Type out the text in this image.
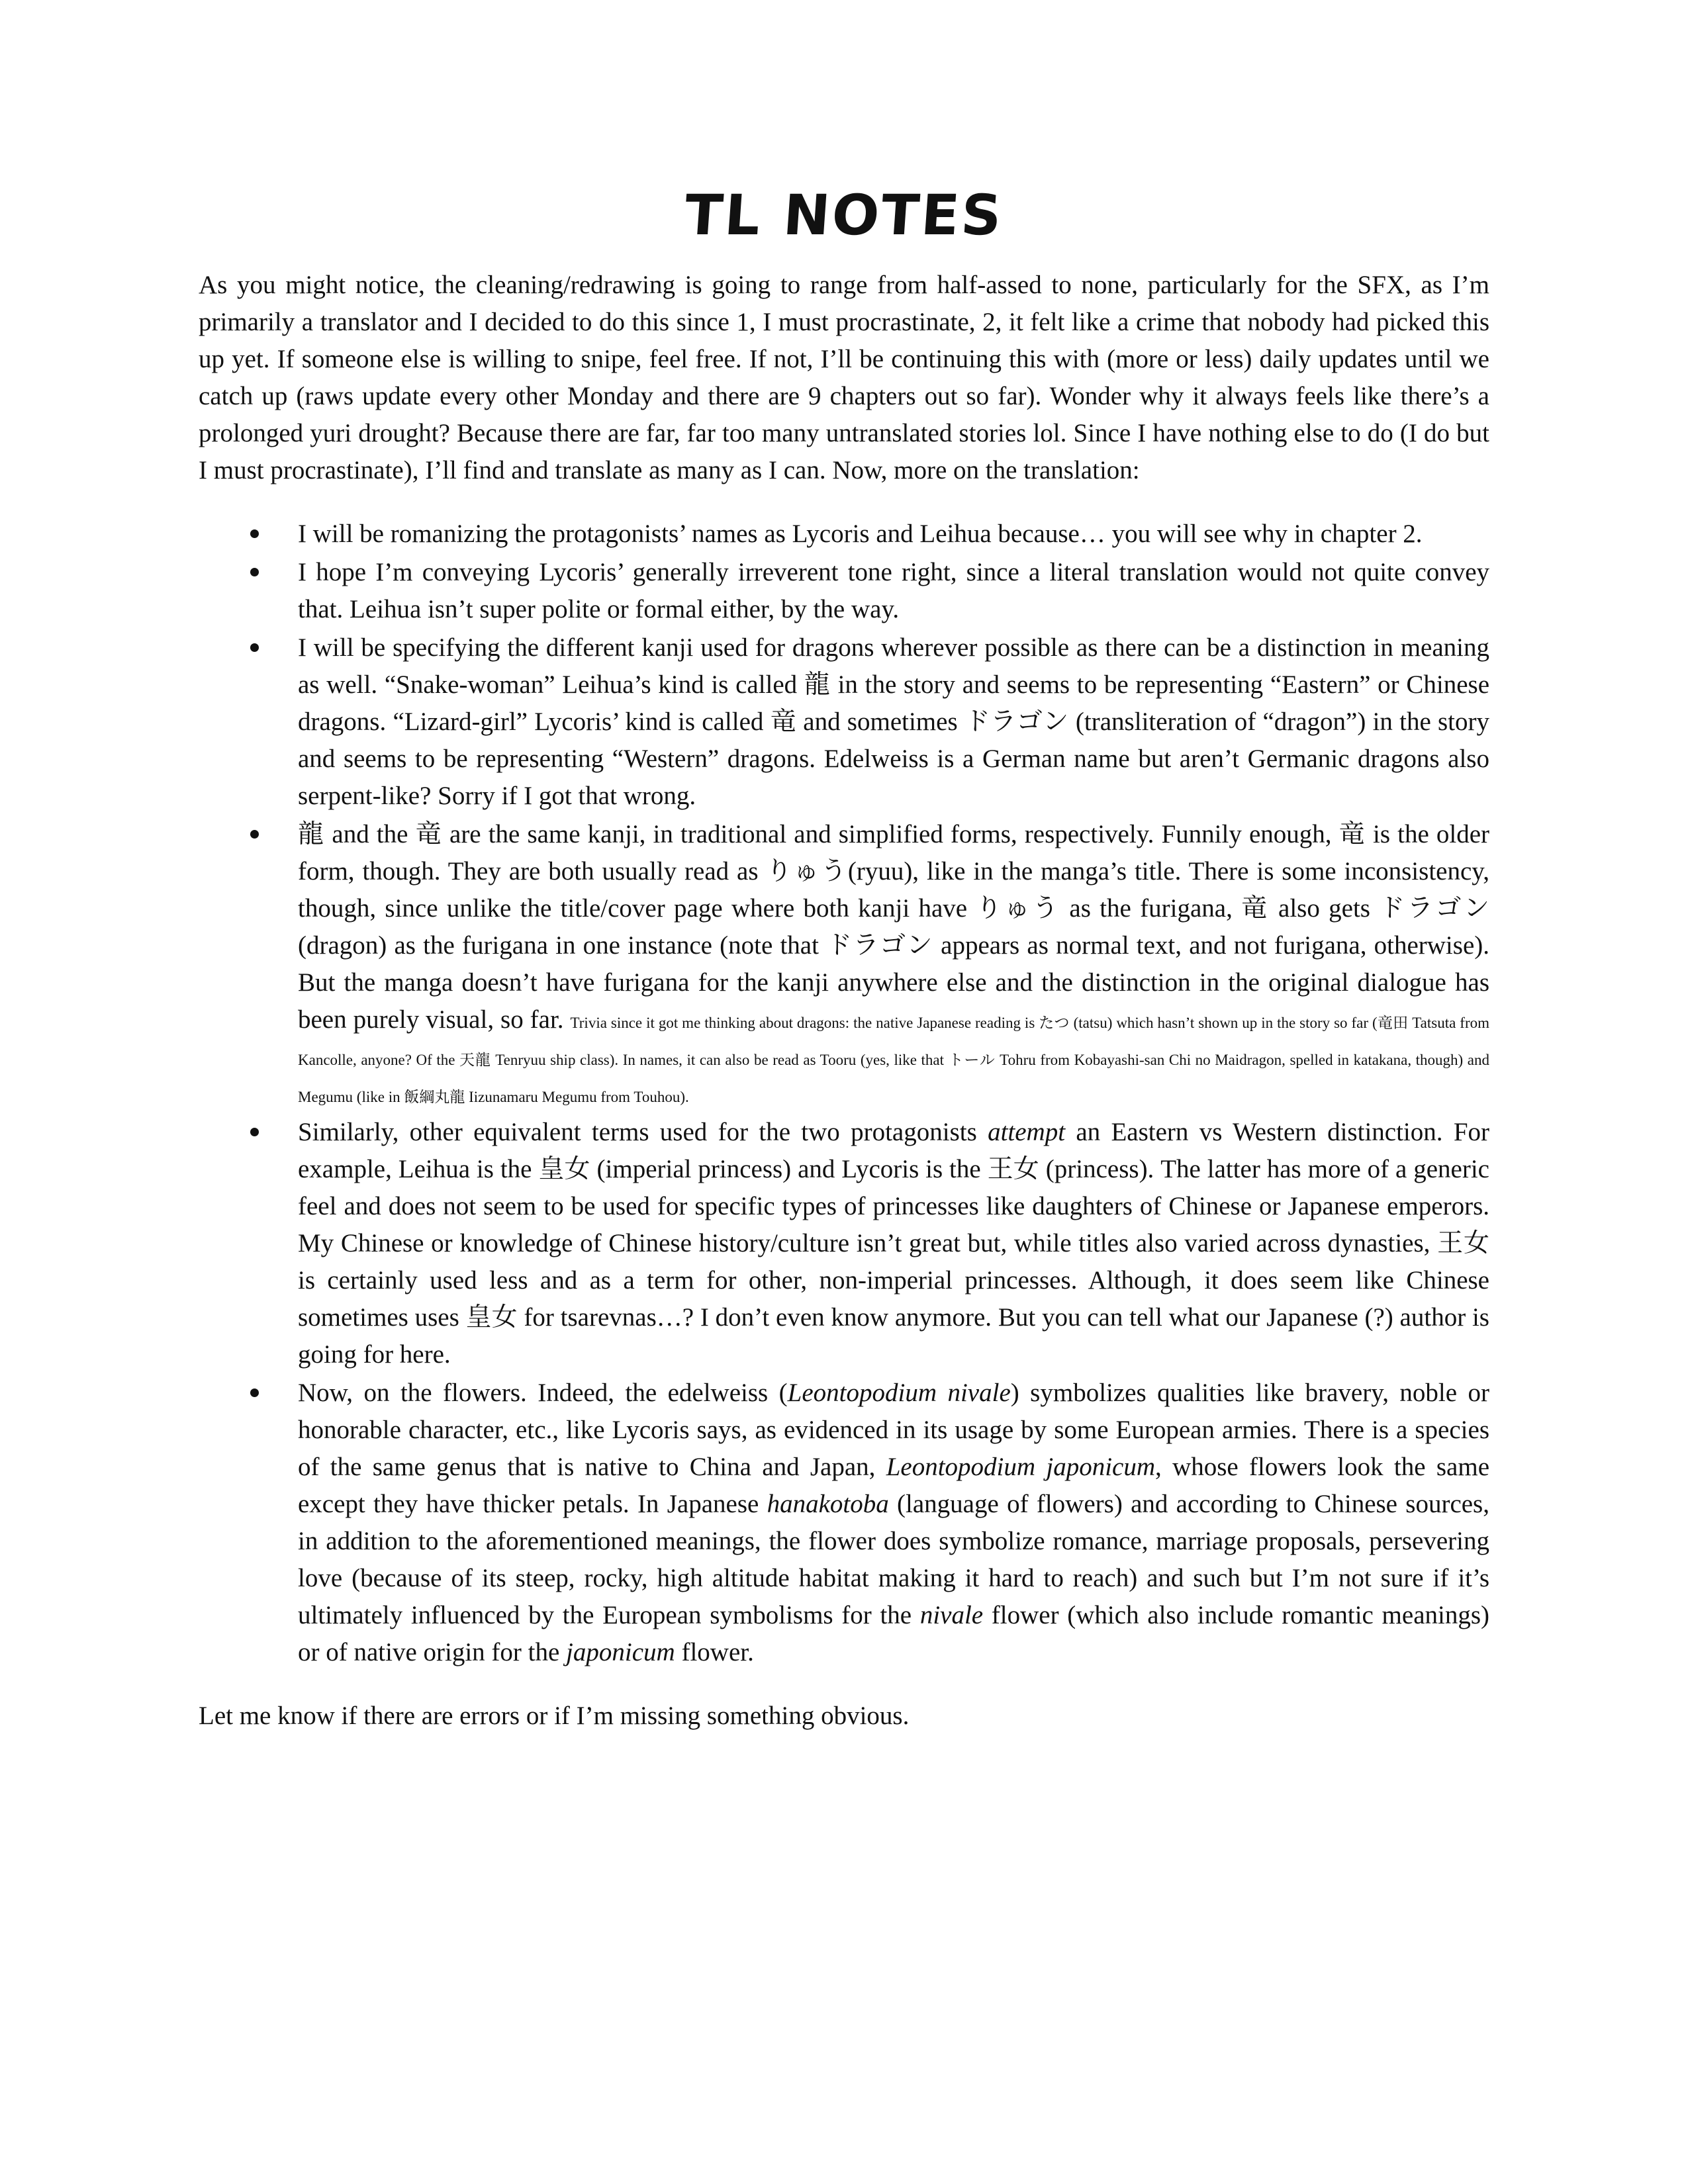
TL NOTES

As you might notice, the cleaning/redrawing is going to range from half-assed to none, particularly for the SFX, as I’m primarily a translator and I decided to do this since 1, I must procrastinate, 2, it felt like a crime that nobody had picked this up yet. If someone else is willing to snipe, feel free. If not, I’ll be continuing this with (more or less) daily updates until we catch up (raws update every other Monday and there are 9 chapters out so far). Wonder why it always feels like there’s a prolonged yuri drought? Because there are far, far too many untranslated stories lol. Since I have nothing else to do (I do but I must procrastinate), I’ll find and translate as many as I can. Now, more on the translation:

I will be romanizing the protagonists’ names as Lycoris and Leihua because… you will see why in chapter 2.
I hope I’m conveying Lycoris’ generally irreverent tone right, since a literal translation would not quite convey that. Leihua isn’t super polite or formal either, by the way.
I will be specifying the different kanji used for dragons wherever possible as there can be a distinction in meaning as well. “Snake-woman” Leihua’s kind is called 龍 in the story and seems to be representing “Eastern” or Chinese dragons. “Lizard-girl” Lycoris’ kind is called 竜 and sometimes ドラゴン (transliteration of “dragon”) in the story and seems to be representing “Western” dragons. Edelweiss is a German name but aren’t Germanic dragons also serpent-like? Sorry if I got that wrong.
龍 and the 竜 are the same kanji, in traditional and simplified forms, respectively. Funnily enough, 竜 is the older form, though. They are both usually read as りゅう(ryuu), like in the manga’s title. There is some inconsistency, though, since unlike the title/cover page where both kanji have りゅう as the furigana, 竜 also gets ドラゴン (dragon) as the furigana in one instance (note that ドラゴン appears as normal text, and not furigana, otherwise). But the manga doesn’t have furigana for the kanji anywhere else and the distinction in the original dialogue has been purely visual, so far. Trivia since it got me thinking about dragons: the native Japanese reading is たつ (tatsu) which hasn’t shown up in the story so far (竜田 Tatsuta from Kancolle, anyone? Of the 天龍 Tenryuu ship class). In names, it can also be read as Tooru (yes, like that トール Tohru from Kobayashi-san Chi no Maidragon, spelled in katakana, though) and Megumu (like in 飯綱丸龍 Iizunamaru Megumu from Touhou).
Similarly, other equivalent terms used for the two protagonists attempt an Eastern vs Western distinction. For example, Leihua is the 皇女 (imperial princess) and Lycoris is the 王女 (princess). The latter has more of a generic feel and does not seem to be used for specific types of princesses like daughters of Chinese or Japanese emperors. My Chinese or knowledge of Chinese history/culture isn’t great but, while titles also varied across dynasties, 王女 is certainly used less and as a term for other, non-imperial princesses. Although, it does seem like Chinese sometimes uses 皇女 for tsarevnas…? I don’t even know anymore. But you can tell what our Japanese (?) author is going for here.
Now, on the flowers. Indeed, the edelweiss (Leontopodium nivale) symbolizes qualities like bravery, noble or honorable character, etc., like Lycoris says, as evidenced in its usage by some European armies. There is a species of the same genus that is native to China and Japan, Leontopodium japonicum, whose flowers look the same except they have thicker petals. In Japanese hanakotoba (language of flowers) and according to Chinese sources, in addition to the aforementioned meanings, the flower does symbolize romance, marriage proposals, persevering love (because of its steep, rocky, high altitude habitat making it hard to reach) and such but I’m not sure if it’s ultimately influenced by the European symbolisms for the nivale flower (which also include romantic meanings) or of native origin for the japonicum flower.

Let me know if there are errors or if I’m missing something obvious.
